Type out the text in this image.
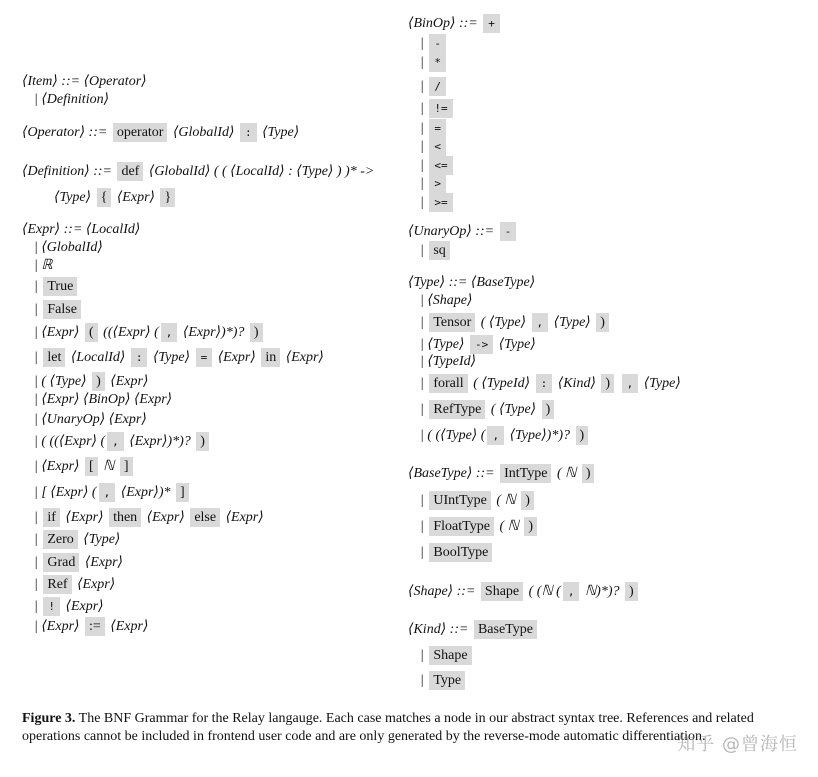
⟨Item⟩ ::= ⟨Operator⟩
| ⟨Definition⟩
⟨Operator⟩ ::= operator ⟨GlobalId⟩ : ⟨Type⟩
⟨Definition⟩ ::= def ⟨GlobalId⟩ ( ( ⟨LocalId⟩ : ⟨Type⟩ ) )* ->
⟨Type⟩ { ⟨Expr⟩ }
⟨Expr⟩ ::= ⟨LocalId⟩
| ⟨GlobalId⟩
| ℝ
| True
| False
| ⟨Expr⟩ ( ((⟨Expr⟩ ( , ⟨Expr⟩)*)? )
| let ⟨LocalId⟩ : ⟨Type⟩ = ⟨Expr⟩ in ⟨Expr⟩
| ( ⟨Type⟩ ) ⟨Expr⟩
| ⟨Expr⟩ ⟨BinOp⟩ ⟨Expr⟩
| ⟨UnaryOp⟩ ⟨Expr⟩
| ( ((⟨Expr⟩ ( , ⟨Expr⟩)*)? )
| ⟨Expr⟩ [ ℕ ]
| [ ⟨Expr⟩ ( , ⟨Expr⟩)* ]
| if ⟨Expr⟩ then ⟨Expr⟩ else ⟨Expr⟩
| Zero ⟨Type⟩
| Grad ⟨Expr⟩
| Ref ⟨Expr⟩
| ! ⟨Expr⟩
| ⟨Expr⟩ := ⟨Expr⟩
⟨BinOp⟩ ::= +
| -
| *
| /
| !=
| =
| <
| <=
| >
| >=
⟨UnaryOp⟩ ::= -
| sq
⟨Type⟩ ::= ⟨BaseType⟩
| ⟨Shape⟩
| Tensor ( ⟨Type⟩ , ⟨Type⟩ )
| ⟨Type⟩ -> ⟨Type⟩
| ⟨TypeId⟩
| forall ( ⟨TypeId⟩ : ⟨Kind⟩ ) , ⟨Type⟩
| RefType ( ⟨Type⟩ )
| ( (⟨Type⟩ ( , ⟨Type⟩)*)? )
⟨BaseType⟩ ::= IntType ( ℕ )
| UIntType ( ℕ )
| FloatType ( ℕ )
| BoolType
⟨Shape⟩ ::= Shape ( (ℕ ( , ℕ)*)? )
⟨Kind⟩ ::= BaseType
| Shape
| Type
Figure 3. The BNF Grammar for the Relay langauge. Each case matches a node in our abstract syntax tree. References and related operations cannot be included in frontend user code and are only generated by the reverse-mode automatic differentiation.
知乎 @曾海恒
